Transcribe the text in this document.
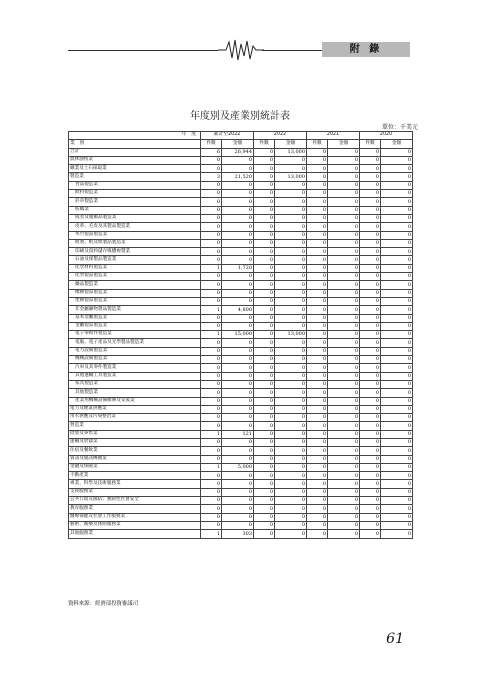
附 錄
年度別及產業別統計表
單位：千美元
年　度	累計至2022		2022		2021		2020	
業　別	件數	金額	件數	金額	件數	金額	件數	金額
合計	6	26,944	0	13,000	0	0	0	0
農林漁牧業	0	0	0	0	0	0	0	0
礦業及土石採取業	0	0	0	0	0	0	0	0
製造業	3	21,520	0	13,000	0	0	0	0
食品製造業	0	0	0	0	0	0	0	0
飲料製造業	0	0	0	0	0	0	0	0
菸草製造業	0	0	0	0	0	0	0	0
紡織業	0	0	0	0	0	0	0	0
成衣及服飾品製造業	0	0	0	0	0	0	0	0
皮革、毛皮及其製品製造業	0	0	0	0	0	0	0	0
木竹製品製造業	0	0	0	0	0	0	0	0
紙漿、紙及紙製品製造業	0	0	0	0	0	0	0	0
印刷及資料儲存媒體複製業	0	0	0	0	0	0	0	0
石油及煤製品製造業	0	0	0	0	0	0	0	0
化學材料製造業	1	1,720	0	0	0	0	0	0
化學製品製造業	0	0	0	0	0	0	0	0
藥品製造業	0	0	0	0	0	0	0	0
橡膠製品製造業	0	0	0	0	0	0	0	0
塑膠製品製造業	0	0	0	0	0	0	0	0
非金屬礦物製品製造業	1	4,800	0	0	0	0	0	0
基本金屬製造業	0	0	0	0	0	0	0	0
金屬製品製造業	0	0	0	0	0	0	0	0
電子零組件製造業	1	15,000	0	13,000	0	0	0	0
電腦、電子產品及光學製品製造業	0	0	0	0	0	0	0	0
電力設備製造業	0	0	0	0	0	0	0	0
機械設備製造業	0	0	0	0	0	0	0	0
汽車及其零件製造業	0	0	0	0	0	0	0	0
其他運輸工具製造業	0	0	0	0	0	0	0	0
家具製造業	0	0	0	0	0	0	0	0
其他製造業	0	0	0	0	0	0	0	0
產業用機械設備維修及安裝業	0	0	0	0	0	0	0	0
電力及燃氣供應業	0	0	0	0	0	0	0	0
用水供應及污染整治業	0	0	0	0	0	0	0	0
營造業	0	0	0	0	0	0	0	0
批發及零售業	1	121	0	0	0	0	0	0
運輸及倉儲業	0	0	0	0	0	0	0	0
住宿及餐飲業	0	0	0	0	0	0	0	0
資訊及通訊傳播業	0	0	0	0	0	0	0	0
金融及保險業	1	5,000	0	0	0	0	0	0
不動產業	0	0	0	0	0	0	0	0
專業、科學及技術服務業	0	0	0	0	0	0	0	0
支援服務業	0	0	0	0	0	0	0	0
公共行政及國防；強制性社會安全	0	0	0	0	0	0	0	0
教育服務業	0	0	0	0	0	0	0	0
醫療保健及社會工作服務業	0	0	0	0	0	0	0	0
藝術、娛樂及休閒服務業	0	0	0	0	0	0	0	0
其他服務業	1	303	0	0	0	0	0	0
資料來源：經濟部投資審議司
61
